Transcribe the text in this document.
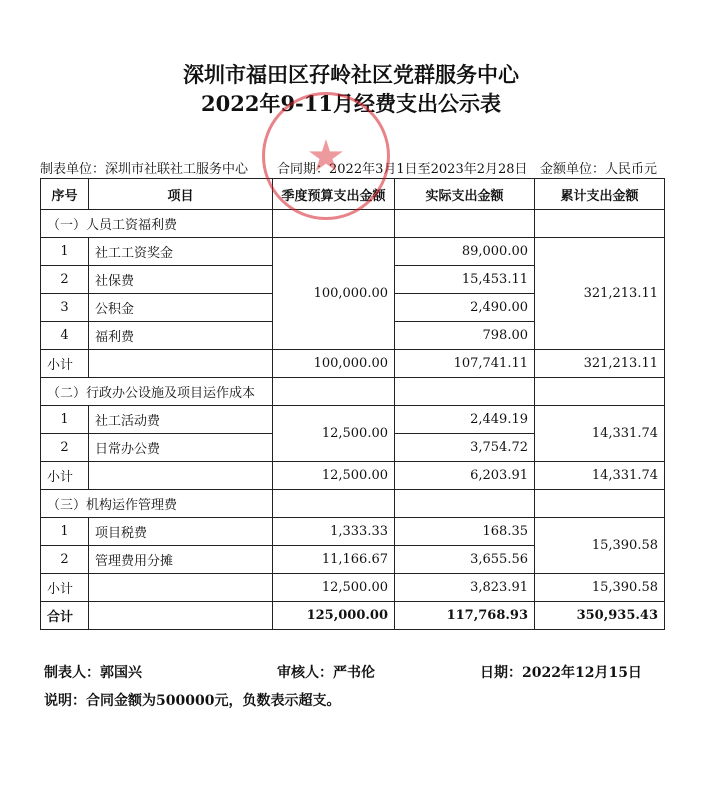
深圳市福田区孖岭社区党群服务中心
2022年9-11月经费支出公示表
制表单位：深圳市社联社工服务中心 合同期：2022年3月1日至2023年2月28日 金额单位：人民币元
序号	项目	季度预算支出金额	实际支出金额	累计支出金额
（一）人员工资福利费				
1	社工工资奖金	100,000.00	89,000.00	321,213.11
2	社保费		15,453.11	
3	公积金		2,490.00	
4	福利费		798.00	
小计		100,000.00	107,741.11	321,213.11
（二）行政办公设施及项目运作成本				
1	社工活动费	12,500.00	2,449.19	14,331.74
2	日常办公费		3,754.72	
小计		12,500.00	6,203.91	14,331.74
（三）机构运作管理费				
1	项目税费	1,333.33	168.35	15,390.58
2	管理费用分摊	11,166.67	3,655.56	
小计		12,500.00	3,823.91	15,390.58
合计		125,000.00	117,768.93	350,935.43
制表人：郭国兴	审核人：严书伦	日期：2022年12月15日
说明：合同金额为500000元，负数表示超支。
★
